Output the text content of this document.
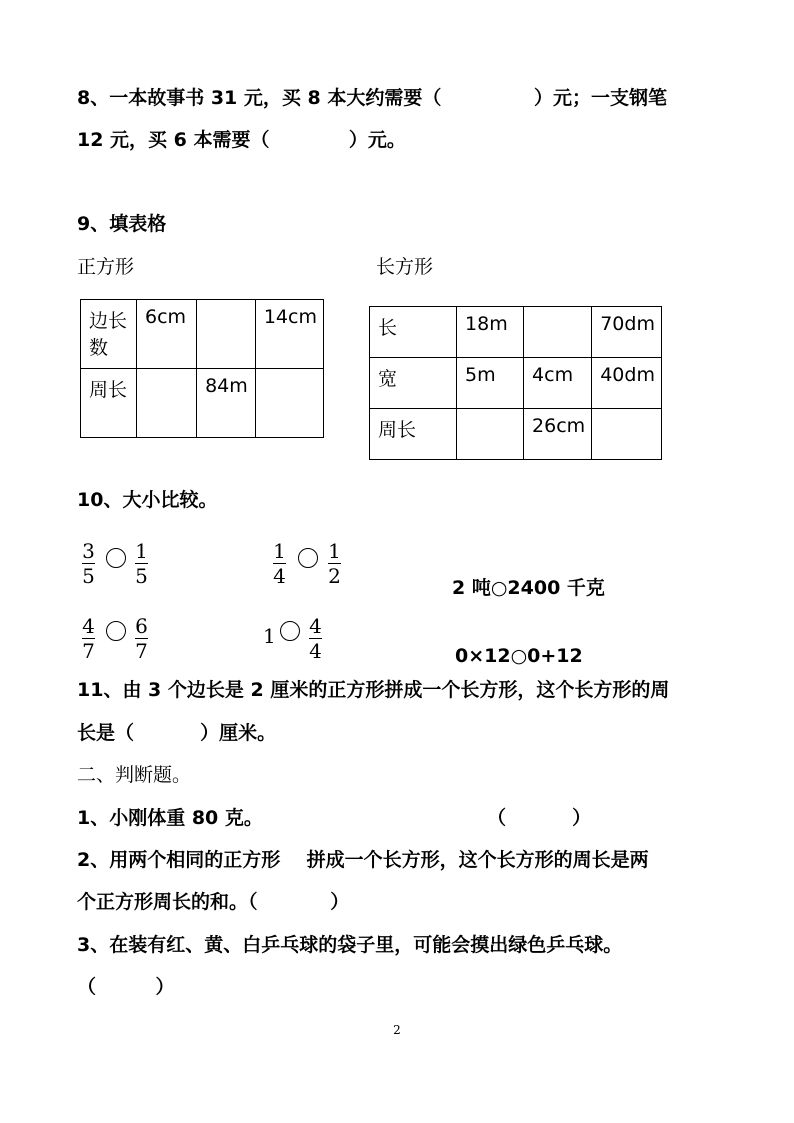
8、一本故事书 31 元，买 8 本大约需要（              ）元；一支钢笔
12 元，买 6 本需要（            ）元。
9、填表格
正方形	长方形
边长
数	6cm		14cm
周长		84m	
长	18m		70dm
宽	5m	4cm	40dm
周长		26cm	
10、大小比较。
3
5
1
5
1
4
1
2	2 吨○2400 千克
4
7
6
7
1 4
4	0×12○0+12
11、由 3 个边长是 2 厘米的正方形拼成一个长方形，这个长方形的周
长是（          ）厘米。
二、判断题。
1、小刚体重 80 克。	（          ）
2、用两个相同的正方形    拼成一个长方形，这个长方形的周长是两
个正方形周长的和。（           ）
3、在装有红、黄、白乒乓球的袋子里，可能会摸出绿色乒乓球。
（         ）
2
